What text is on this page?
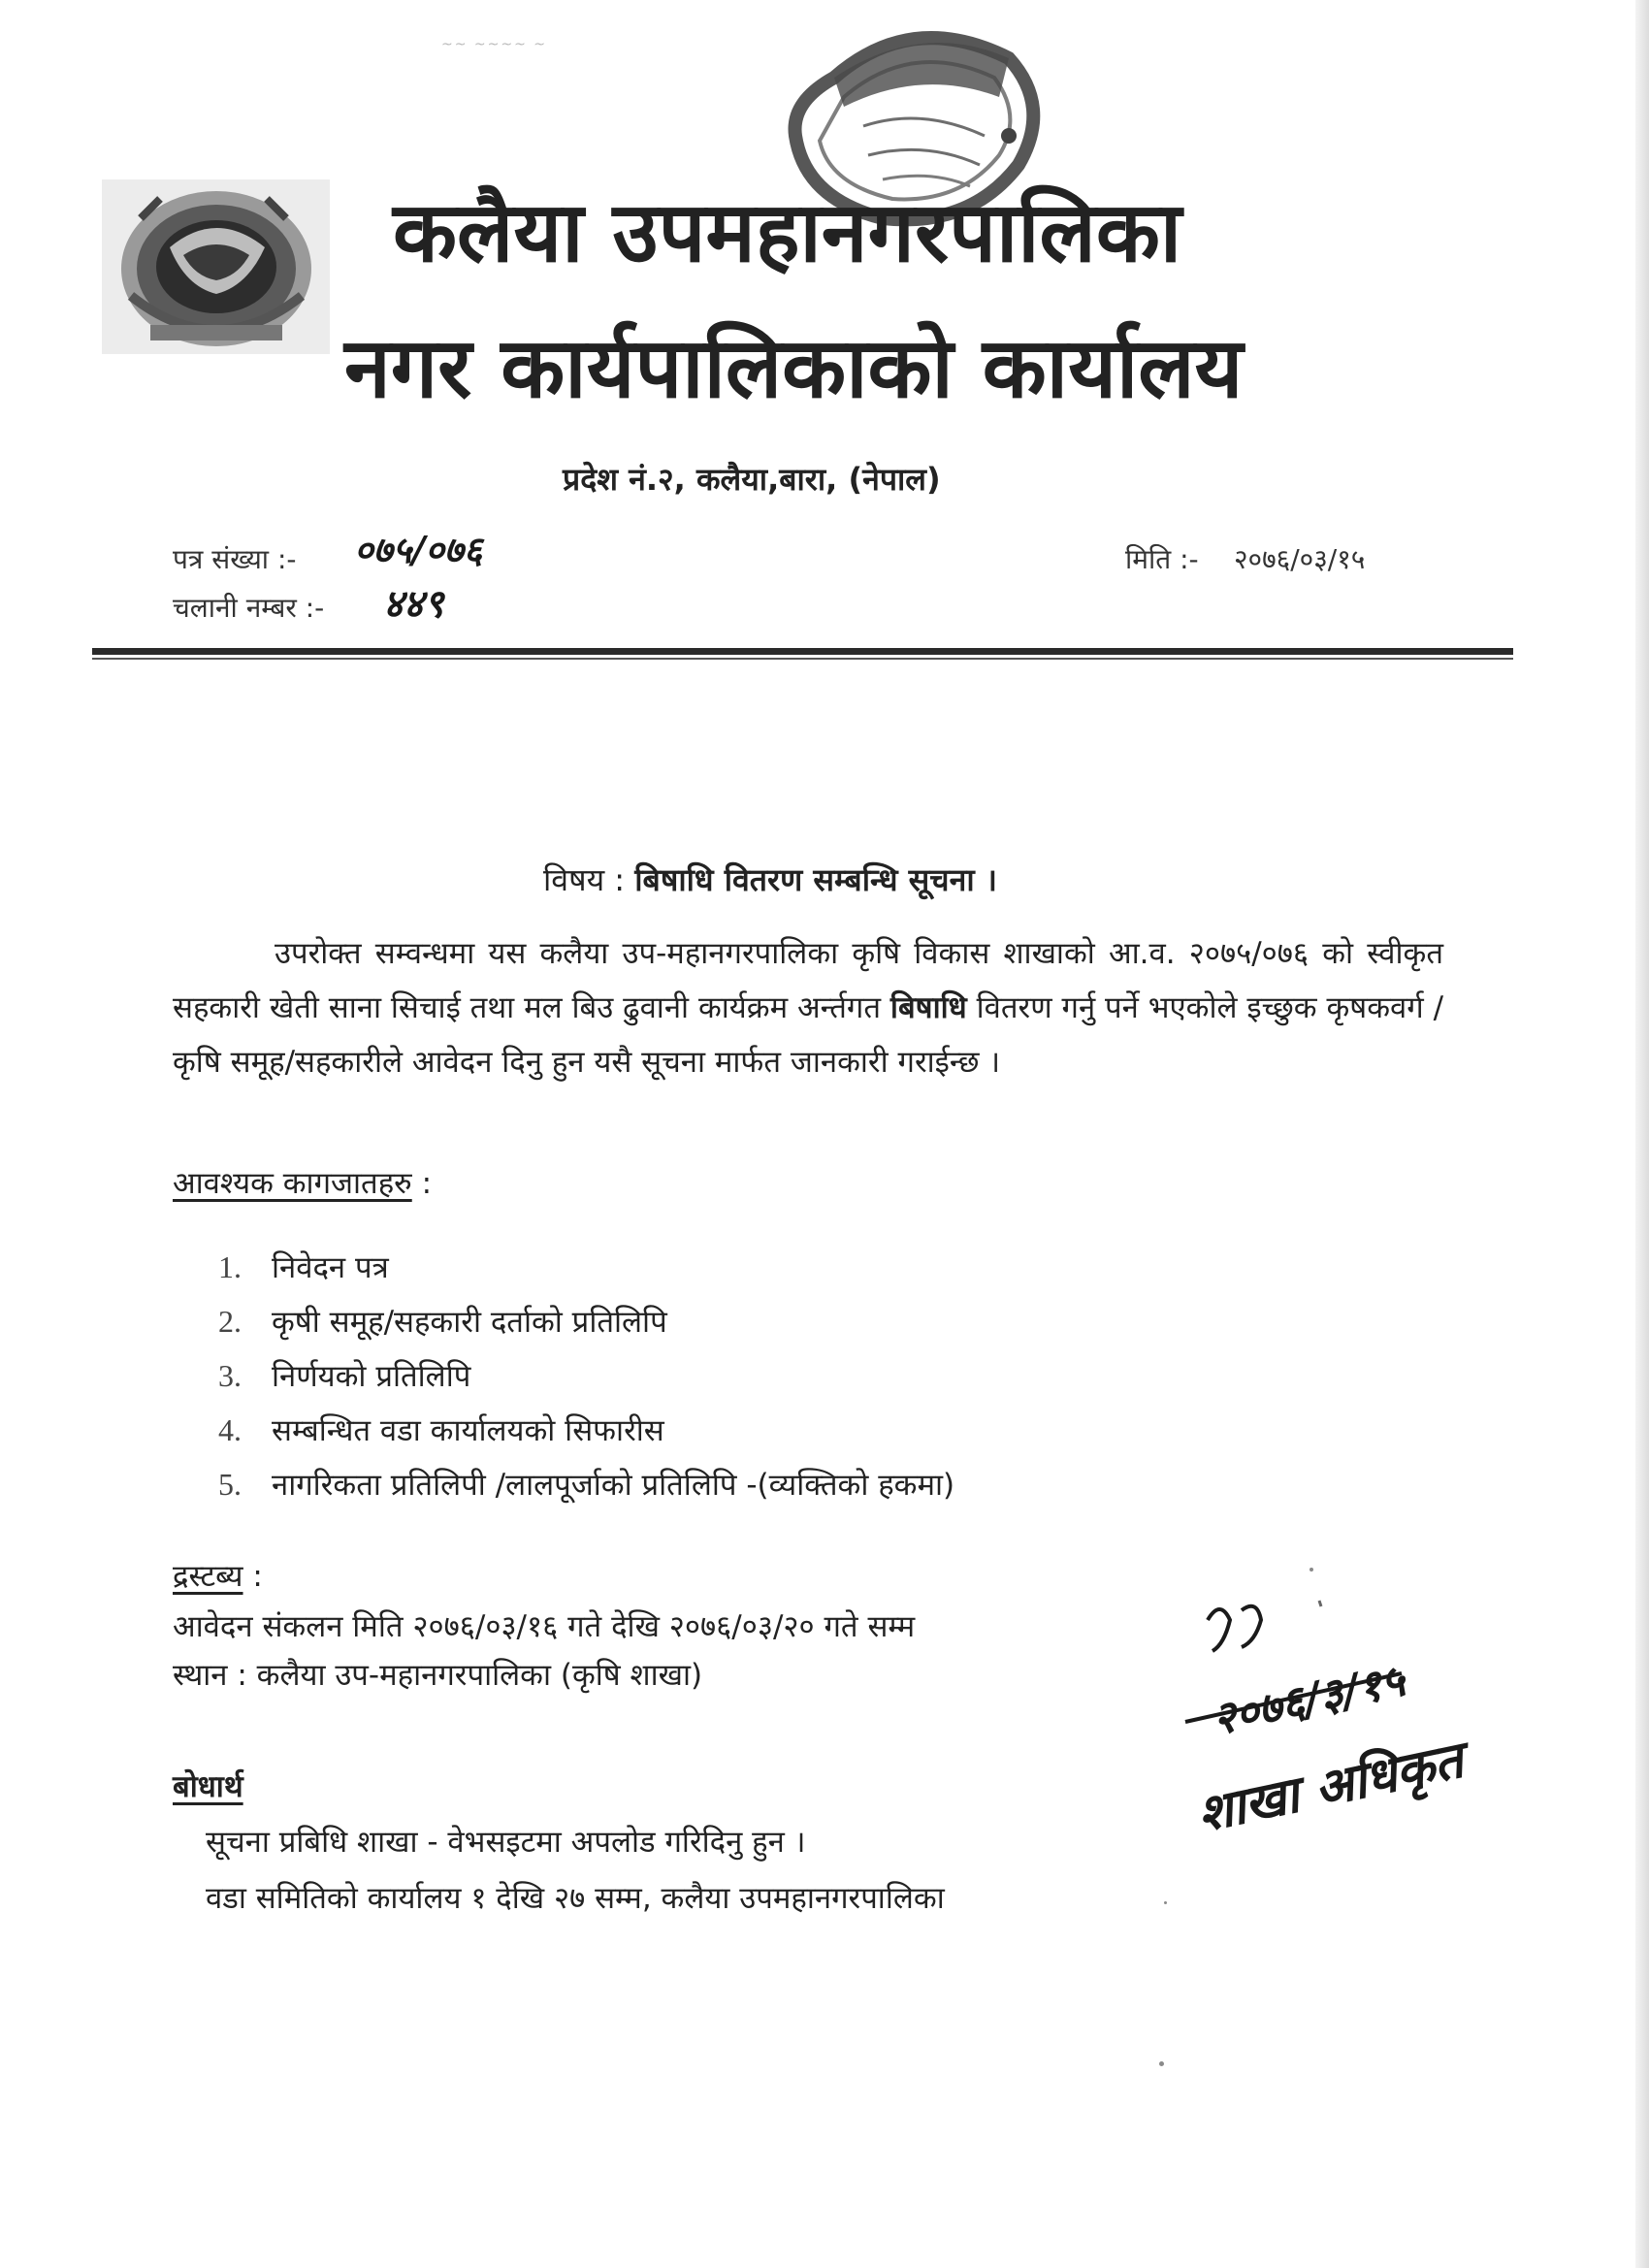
~~ ~~~~ ~
कलैया उपमहानगरपालिका
नगर कार्यपालिकाको कार्यालय
प्रदेश नं.२, कलैया,बारा, (नेपाल)
पत्र संख्या :- ०७५/०७६
चलानी नम्बर :- ४४९
मिति :- २०७६/०३/१५
विषय : बिषाधि वितरण सम्बन्धि सूचना ।
उपरोक्त सम्वन्धमा यस कलैया उप-महानगरपालिका कृषि विकास शाखाको आ.व. २०७५/०७६ को स्वीकृत सहकारी खेती साना सिचाई तथा मल बिउ ढुवानी कार्यक्रम अर्न्तगत बिषाधि वितरण गर्नु पर्ने भएकोले इच्छुक कृषकवर्ग /कृषि समूह/सहकारीले आवेदन दिनु हुन यसै सूचना मार्फत जानकारी गराईन्छ ।
आवश्यक कागजातहरु :
1.	निवेदन पत्र
2.	कृषी समूह/सहकारी दर्ताको प्रतिलिपि
3.	निर्णयको प्रतिलिपि
4.	सम्बन्धित वडा कार्यालयको सिफारीस
5.	नागरिकता प्रतिलिपी /लालपूर्जाको प्रतिलिपि -(व्यक्तिको हकमा)
द्रस्टब्य :
आवेदन संकलन मिति २०७६/०३/१६ गते देखि २०७६/०३/२० गते सम्म
स्थान : कलैया उप-महानगरपालिका (कृषि शाखा)
बोधार्थ
सूचना प्रबिधि शाखा - वेभसइटमा अपलोड गरिदिनु हुन ।
वडा समितिको कार्यालय १ देखि २७ सम्म, कलैया उपमहानगरपालिका
२०७६/३/१५
शाखा अधिकृत
